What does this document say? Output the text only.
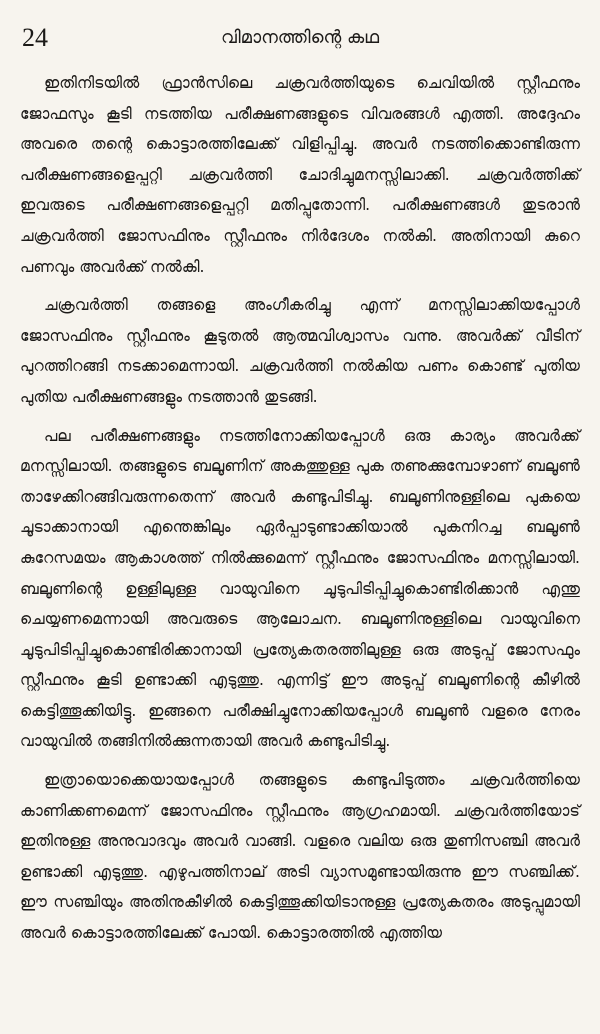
24	വിമാനത്തിന്റെ കഥ

ഇതിനിടയിൽ ഫ്രാൻസിലെ ചക്രവർത്തിയുടെ ചെവിയിൽ സ്റ്റീഫനും ജോഫസും കൂടി നടത്തിയ പരീക്ഷണങ്ങളുടെ വിവരങ്ങൾ എത്തി. അദ്ദേഹം അവരെ തന്റെ കൊട്ടാരത്തിലേക്ക് വിളിപ്പിച്ചു. അവർ നടത്തിക്കൊണ്ടിരുന്ന പരീക്ഷണങ്ങളെപ്പറ്റി ചക്രവർത്തി ചോദിച്ചുമനസ്സിലാക്കി. ചക്രവർത്തിക്ക് ഇവരുടെ പരീക്ഷണങ്ങളെപ്പറ്റി മതിപ്പുതോന്നി. പരീക്ഷണങ്ങൾ തുടരാൻ ചക്രവർത്തി ജോസഫിനും സ്റ്റീഫനും നിർദേശം നൽകി. അതിനായി കുറെ പണവും അവർക്ക് നൽകി.

ചക്രവർത്തി തങ്ങളെ അംഗീകരിച്ചു എന്ന് മനസ്സിലാക്കിയപ്പോൾ ജോസഫിനും സ്റ്റീഫനും കൂടുതൽ ആത്മവിശ്വാസം വന്നു. അവർക്ക് വീടിന് പുറത്തിറങ്ങി നടക്കാമെന്നായി. ചക്രവർത്തി നൽകിയ പണം കൊണ്ട് പുതിയ പുതിയ പരീക്ഷണങ്ങളും നടത്താൻ തുടങ്ങി.

പല പരീക്ഷണങ്ങളും നടത്തിനോക്കിയപ്പോൾ ഒരു കാര്യം അവർക്ക് മനസ്സിലായി. തങ്ങളുടെ ബലൂണിന് അകത്തുള്ള പുക തണുക്കുമ്പോഴാണ് ബലൂൺ താഴേക്കിറങ്ങിവരുന്നതെന്ന് അവർ കണ്ടുപിടിച്ചു. ബലൂണിനുള്ളിലെ പുകയെ ചൂടാക്കാനായി എന്തെങ്കിലും ഏർപ്പാടുണ്ടാക്കിയാൽ പുകനിറച്ച ബലൂൺ കുറേസമയം ആകാശത്ത് നിൽക്കുമെന്ന് സ്റ്റീഫനും ജോസഫിനും മനസ്സിലായി. ബലൂണിന്റെ ഉള്ളിലുള്ള വായുവിനെ ചൂടുപിടിപ്പിച്ചുകൊണ്ടിരിക്കാൻ എന്തു ചെയ്യണമെന്നായി അവരുടെ ആലോചന. ബലൂണിനുള്ളിലെ വായുവിനെ ചൂടുപിടിപ്പിച്ചുകൊണ്ടിരിക്കാനായി പ്രത്യേകതരത്തിലുള്ള ഒരു അടുപ്പ് ജോസഫും സ്റ്റീഫനും കൂടി ഉണ്ടാക്കി എടുത്തു. എന്നിട്ട് ഈ അടുപ്പ് ബലൂണിന്റെ കീഴിൽ കെട്ടിത്തൂക്കിയിട്ടു. ഇങ്ങനെ പരീക്ഷിച്ചുനോക്കിയപ്പോൾ ബലൂൺ വളരെ നേരം വായുവിൽ തങ്ങിനിൽക്കുന്നതായി അവർ കണ്ടുപിടിച്ചു.

ഇത്രായൊക്കെയായപ്പോൾ തങ്ങളുടെ കണ്ടുപിടുത്തം ചക്രവർത്തിയെ കാണിക്കണമെന്ന് ജോസഫിനും സ്റ്റീഫനും ആഗ്രഹമായി. ചക്രവർത്തിയോട് ഇതിനുള്ള അനുവാദവും അവർ വാങ്ങി. വളരെ വലിയ ഒരു തുണിസഞ്ചി അവർ ഉണ്ടാക്കി എടുത്തു. എഴുപത്തിനാല് അടി വ്യാസമുണ്ടായിരുന്നു ഈ സഞ്ചിക്ക്. ഈ സഞ്ചിയും അതിനുകീഴിൽ കെട്ടിത്തൂക്കിയിടാനുള്ള പ്രത്യേകതരം അടുപ്പുമായി അവർ കൊട്ടാരത്തിലേക്ക് പോയി. കൊട്ടാരത്തിൽ എത്തിയ
